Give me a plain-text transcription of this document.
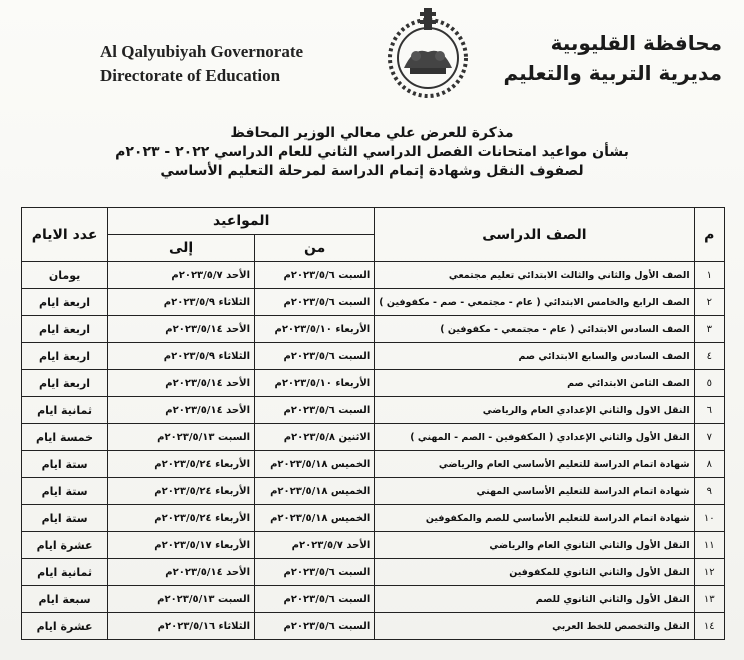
Al Qalyubiyah Governorate
Directorate of Education
محافظة القليوبية
مديرية التربية والتعليم
مذكرة للعرض علي معالي الوزير المحافظ
بشأن مواعيد امتحانات الفصل الدراسي الثاني للعام الدراسي ٢٠٢٢ - ٢٠٢٣م
لصفوف النقل وشهادة إتمام الدراسة لمرحلة التعليم الأساسي
م	الصف الدراسى	المواعيد		عدد الايام
		من	إلى	
١	الصف الأول والثاني والثالث الابتدائي تعليم مجتمعي	السبت ٢٠٢٣/٥/٦م	الأحد ٢٠٢٣/٥/٧م	يومان
٢	الصف الرابع والخامس الابتدائي ( عام - مجتمعي - صم - مكفوفين )	السبت ٢٠٢٣/٥/٦م	الثلاثاء ٢٠٢٣/٥/٩م	اربعة ايام
٣	الصف السادس الابتدائي ( عام - مجتمعي - مكفوفين )	الأربعاء ٢٠٢٣/٥/١٠م	الأحد ٢٠٢٣/٥/١٤م	اربعة ايام
٤	الصف السادس والسابع الابتدائي صم	السبت ٢٠٢٣/٥/٦م	الثلاثاء ٢٠٢٣/٥/٩م	اربعة ايام
٥	الصف الثامن الابتدائي صم	الأربعاء ٢٠٢٣/٥/١٠م	الأحد ٢٠٢٣/٥/١٤م	اربعة ايام
٦	النقل الاول والثاني الإعدادي العام والرياضي	السبت ٢٠٢٣/٥/٦م	الأحد ٢٠٢٣/٥/١٤م	ثمانية ايام
٧	النقل الأول والثاني الإعدادي ( المكفوفين - الصم - المهني )	الاثنين ٢٠٢٣/٥/٨م	السبت ٢٠٢٣/٥/١٣م	خمسة ايام
٨	شهادة اتمام الدراسة للتعليم الأساسي العام والرياضي	الخميس ٢٠٢٣/٥/١٨م	الأربعاء ٢٠٢٣/٥/٢٤م	ستة ايام
٩	شهادة اتمام الدراسة للتعليم الأساسي المهني	الخميس ٢٠٢٣/٥/١٨م	الأربعاء ٢٠٢٣/٥/٢٤م	ستة ايام
١٠	شهادة اتمام الدراسة للتعليم الأساسي للصم والمكفوفين	الخميس ٢٠٢٣/٥/١٨م	الأربعاء ٢٠٢٣/٥/٢٤م	ستة ايام
١١	النقل الأول والثاني الثانوي العام والرياضي	الأحد ٢٠٢٣/٥/٧م	الأربعاء ٢٠٢٣/٥/١٧م	عشرة ايام
١٢	النقل الأول والثاني الثانوي للمكفوفين	السبت ٢٠٢٣/٥/٦م	الأحد ٢٠٢٣/٥/١٤م	ثمانية ايام
١٣	النقل الأول والثاني الثانوي للصم	السبت ٢٠٢٣/٥/٦م	السبت ٢٠٢٣/٥/١٣م	سبعة ايام
١٤	النقل والتخصص للخط العربي	السبت ٢٠٢٣/٥/٦م	الثلاثاء ٢٠٢٣/٥/١٦م	عشرة ايام
